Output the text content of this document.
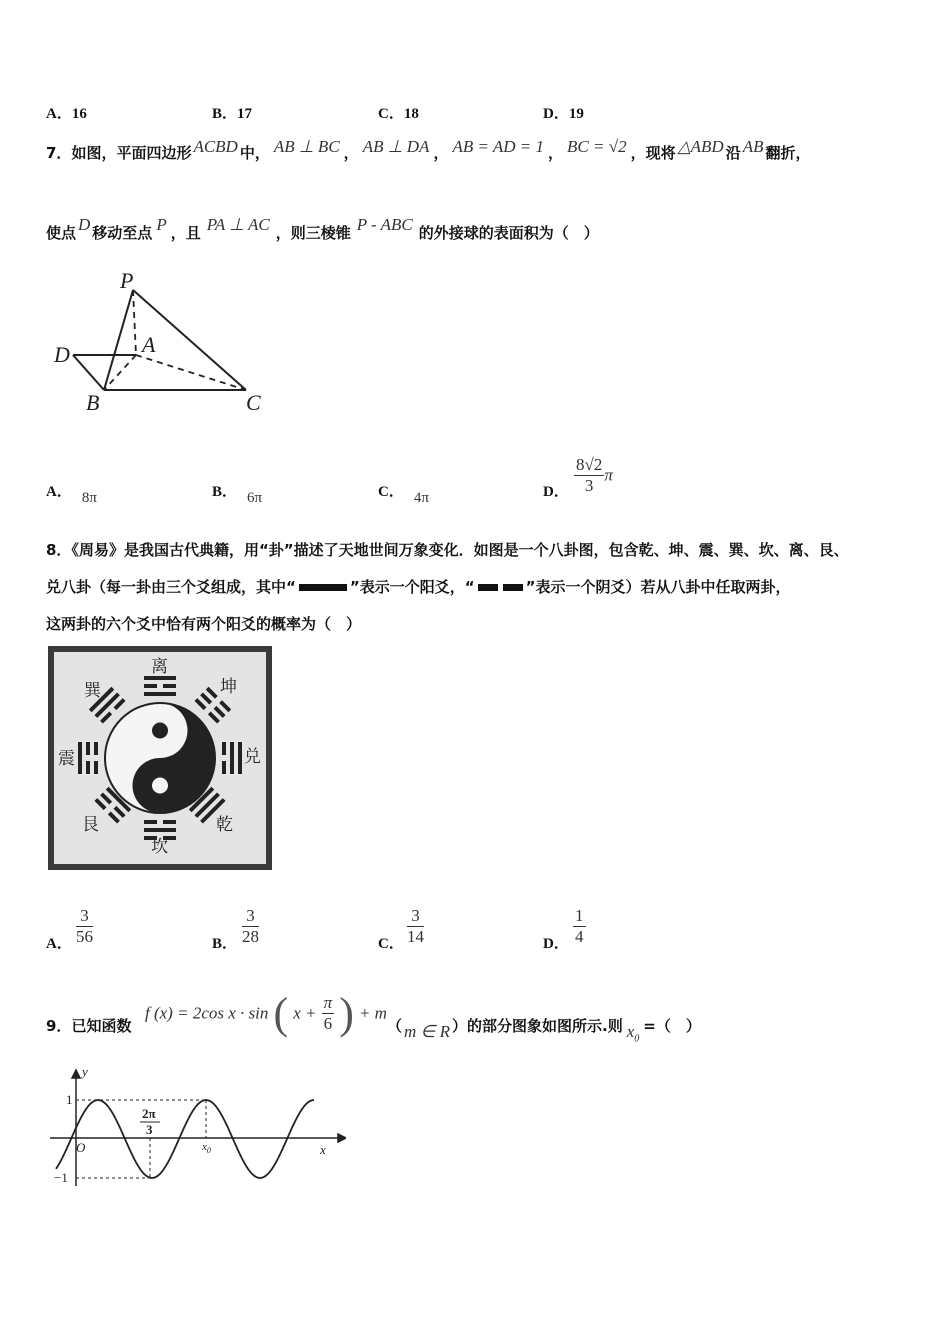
A．16	B．17	C．18	D．19
7．如图，平面四边形 ACBD 中， AB ⊥ BC ， AB ⊥ DA ， AB = AD = 1 ， BC = √2 ，现将 △ABD 沿 AB 翻折，
使点 D 移动至点 P ，且 PA ⊥ AC ，则三棱锥 P - ABC 的外接球的表面积为（　）
P
A
D
B	C
A． 8π	B． 6π	C． 4π	D． $\frac{8√2}{3}$ π
8．《周易》是我国古代典籍，用“卦”描述了天地世间万象变化．如图是一个八卦图，包含乾、坤、震、巽、坎、离、艮、
兑八卦（每一卦由三个爻组成，其中“	”表示一个阳爻，“	”表示一个阴爻）若从八卦中任取两卦，
这两卦的六个爻中恰有两个阳爻的概率为（　）
离
坤
巽
震	兑
艮	乾
坎
A． $\frac{3}{56}$	B． $\frac{3}{28}$	C． $\frac{3}{14}$	D． $\frac{1}{4}$
9．已知函数
f (x) = 2cos x · sin ( $x + \frac{\pi}{6}$ ) + m
（ m ∈ R ）的部分图象如图所示.则 $x_0=$（　）
y
x
O
1
−1
2π
3
$x_0$
